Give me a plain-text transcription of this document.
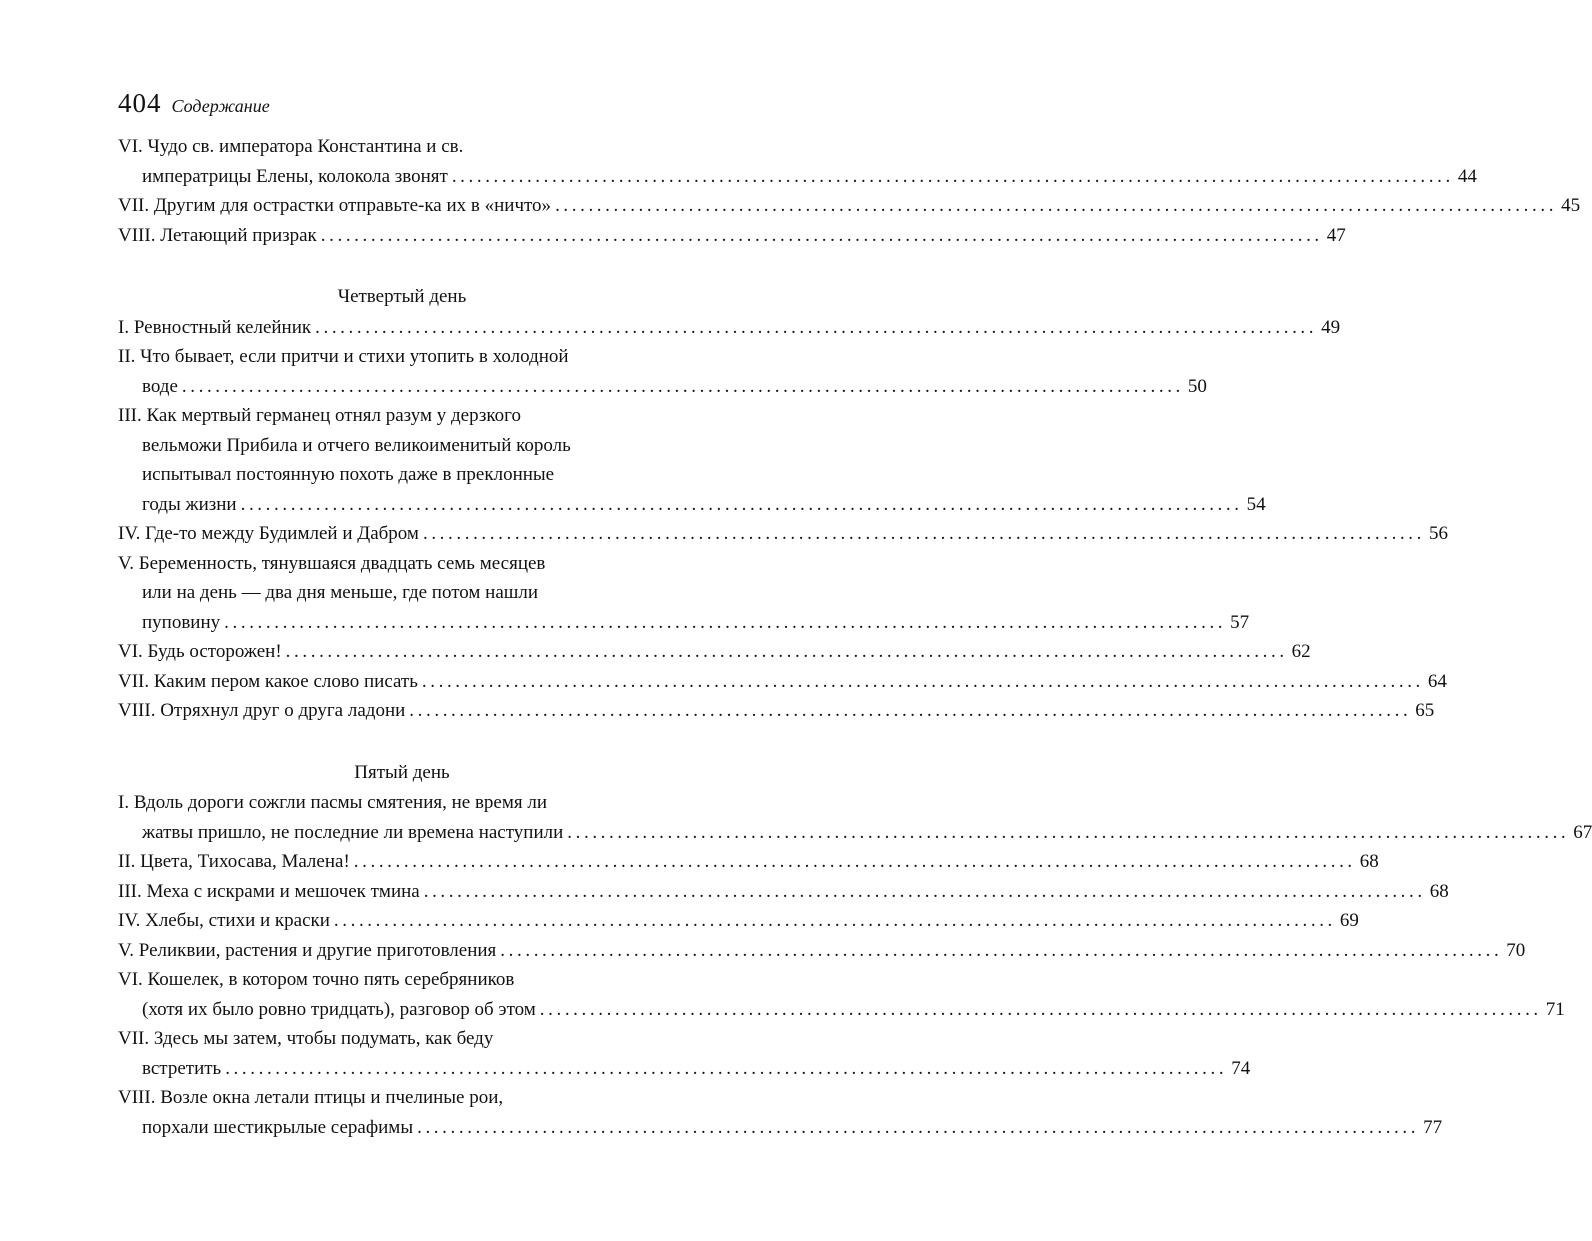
404 Содержание
VI. Чудо св. императора Константина и св.
императрицы Елены, колокола звонят ........................................................................................................................ 44
VII. Другим для острастки отправьте-ка их в «ничто» ........................................................................................................................ 45
VIII. Летающий призрак ........................................................................................................................ 47
Четвертый день
I. Ревностный келейник ........................................................................................................................ 49
II. Что бывает, если притчи и стихи утопить в холодной
воде ........................................................................................................................ 50
III. Как мертвый германец отнял разум у дерзкого
вельможи Прибила и отчего великоименитый король
испытывал постоянную похоть даже в преклонные
годы жизни ........................................................................................................................ 54
IV. Где-то между Будимлей и Дабром ........................................................................................................................ 56
V. Беременность, тянувшаяся двадцать семь месяцев
или на день — два дня меньше, где потом нашли
пуповину ........................................................................................................................ 57
VI. Будь осторожен! ........................................................................................................................ 62
VII. Каким пером какое слово писать ........................................................................................................................ 64
VIII. Отряхнул друг о друга ладони ........................................................................................................................ 65
Пятый день
I. Вдоль дороги сожгли пасмы смятения, не время ли
жатвы пришло, не последние ли времена наступили ........................................................................................................................ 67
II. Цвета, Тихосава, Малена! ........................................................................................................................ 68
III. Меха с искрами и мешочек тмина ........................................................................................................................ 68
IV. Хлебы, стихи и краски ........................................................................................................................ 69
V. Реликвии, растения и другие приготовления ........................................................................................................................ 70
VI. Кошелек, в котором точно пять серебряников
(хотя их было ровно тридцать), разговор об этом ........................................................................................................................ 71
VII. Здесь мы затем, чтобы подумать, как беду
встретить ........................................................................................................................ 74
VIII. Возле окна летали птицы и пчелиные рои,
порхали шестикрылые серафимы ........................................................................................................................ 77
